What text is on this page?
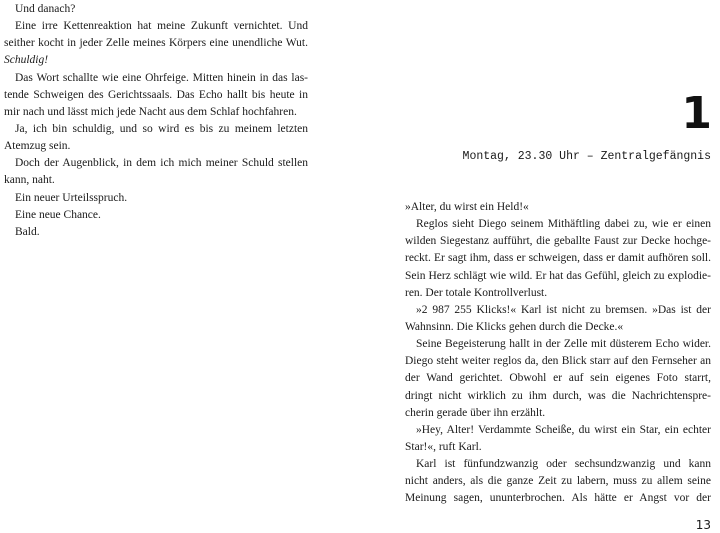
Und danach?
Eine irre Kettenreaktion hat meine Zukunft vernichtet. Und
seither kocht in jeder Zelle meines Körpers eine unendliche Wut.
Schuldig!
Das Wort schallte wie eine Ohrfeige. Mitten hinein in das las-
tende Schweigen des Gerichtssaals. Das Echo hallt bis heute in
mir nach und lässt mich jede Nacht aus dem Schlaf hochfahren.
Ja, ich bin schuldig, und so wird es bis zu meinem letzten
Atemzug sein.
Doch der Augenblick, in dem ich mich meiner Schuld stellen
kann, naht.
Ein neuer Urteilsspruch.
Eine neue Chance.
Bald.
1
Montag, 23.30 Uhr – Zentralgefängnis
»Alter, du wirst ein Held!«
Reglos sieht Diego seinem Mithäftling dabei zu, wie er einen
wilden Siegestanz aufführt, die geballte Faust zur Decke hochge-
reckt. Er sagt ihm, dass er schweigen, dass er damit aufhören soll.
Sein Herz schlägt wie wild. Er hat das Gefühl, gleich zu explodie-
ren. Der totale Kontrollverlust.
»2 987 255 Klicks!« Karl ist nicht zu bremsen. »Das ist der
Wahnsinn. Die Klicks gehen durch die Decke.«
Seine Begeisterung hallt in der Zelle mit düsterem Echo wider.
Diego steht weiter reglos da, den Blick starr auf den Fernseher an
der Wand gerichtet. Obwohl er auf sein eigenes Foto starrt,
dringt nicht wirklich zu ihm durch, was die Nachrichtenspre-
cherin gerade über ihn erzählt.
»Hey, Alter! Verdammte Scheiße, du wirst ein Star, ein echter
Star!«, ruft Karl.
Karl ist fünfundzwanzig oder sechsundzwanzig und kann
nicht anders, als die ganze Zeit zu labern, muss zu allem seine
Meinung sagen, ununterbrochen. Als hätte er Angst vor der
13
